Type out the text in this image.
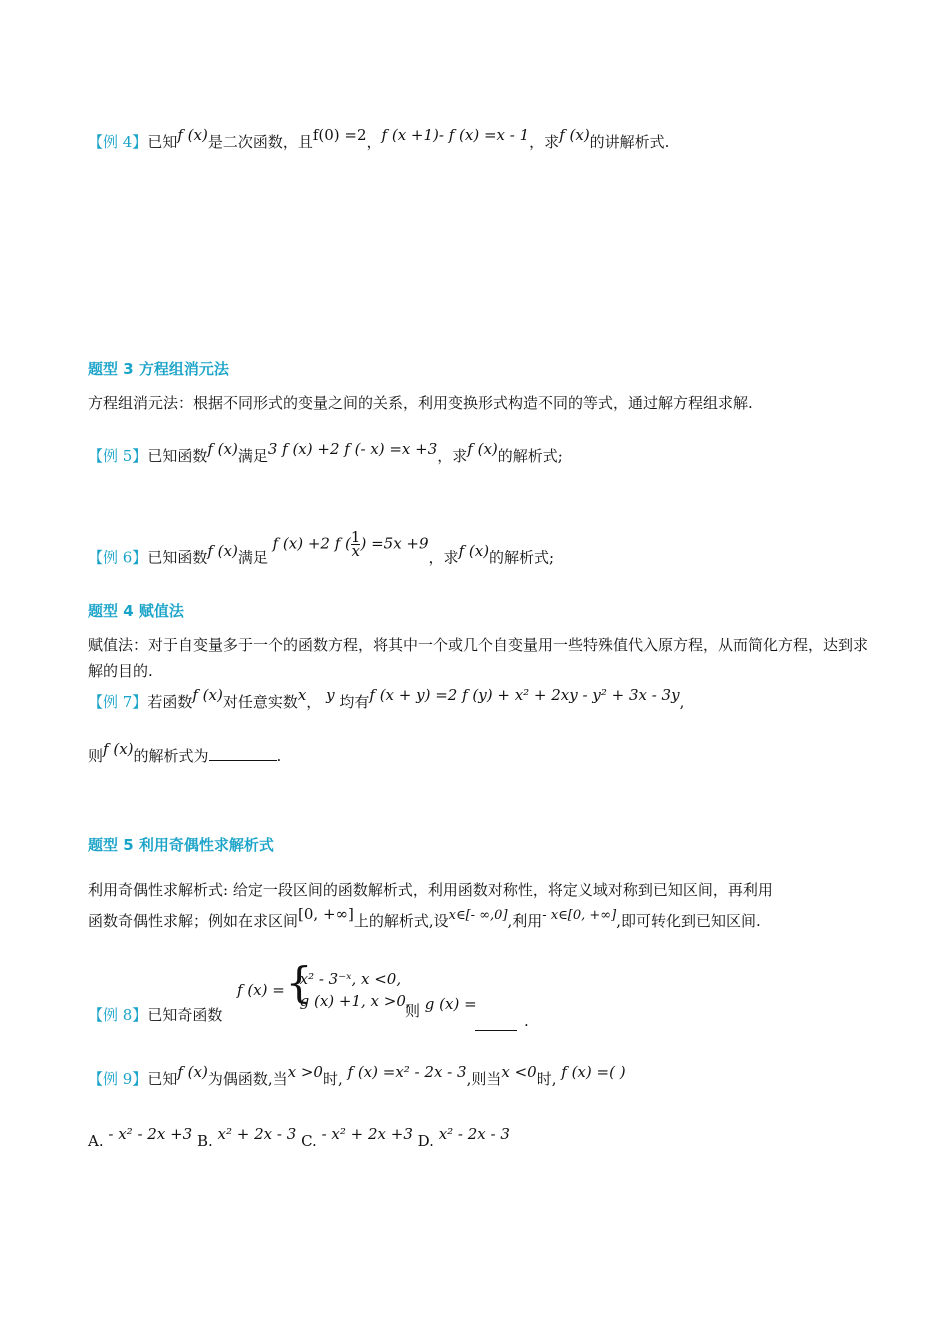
【例 4】已知f (x)是二次函数，且f(0) =2，f (x +1)- f (x) =x - 1，求f (x)的讲解析式.
题型 3 方程组消元法
方程组消元法：根据不同形式的变量之间的关系，利用变换形式构造不同的等式，通过解方程组求解.
【例 5】已知函数f (x)满足3 f (x) +2 f (- x) =x +3，求f (x)的解析式;
【例 6】已知函数f (x)满足 f (x) +2 f ( $\frac{1}{x}$ ) =5x +9，求f (x)的解析式;
题型 4 赋值法
赋值法：对于自变量多于一个的函数方程，将其中一个或几个自变量用一些特殊值代入原方程，从而简化方程，达到求解的目的.
【例 7】若函数f (x)对任意实数x， y 均有f (x + y) =2 f (y) + x² + 2xy - y² + 3x - 3y,
则f (x)的解析式为	.
题型 5 利用奇偶性求解析式
利用奇偶性求解析式: 给定一段区间的函数解析式，利用函数对称性，将定义域对称到已知区间，再利用
函数奇偶性求解；例如在求区间[0, +∞]上的解析式,设x∈[- ∞,0],利用- x∈[0, +∞],即可转化到已知区间.
【例 8】已知奇函数
f (x) =
{ x² - 3⁻ˣ, x <0,
g (x) +1, x >0,
则 g (x) =
.
【例 9】已知f (x)为偶函数,当x >0时, f (x) =x² - 2x - 3,则当x <0时, f (x) =( )
A. - x² - 2x +3 B. x² + 2x - 3 C. - x² + 2x +3 D. x² - 2x - 3
